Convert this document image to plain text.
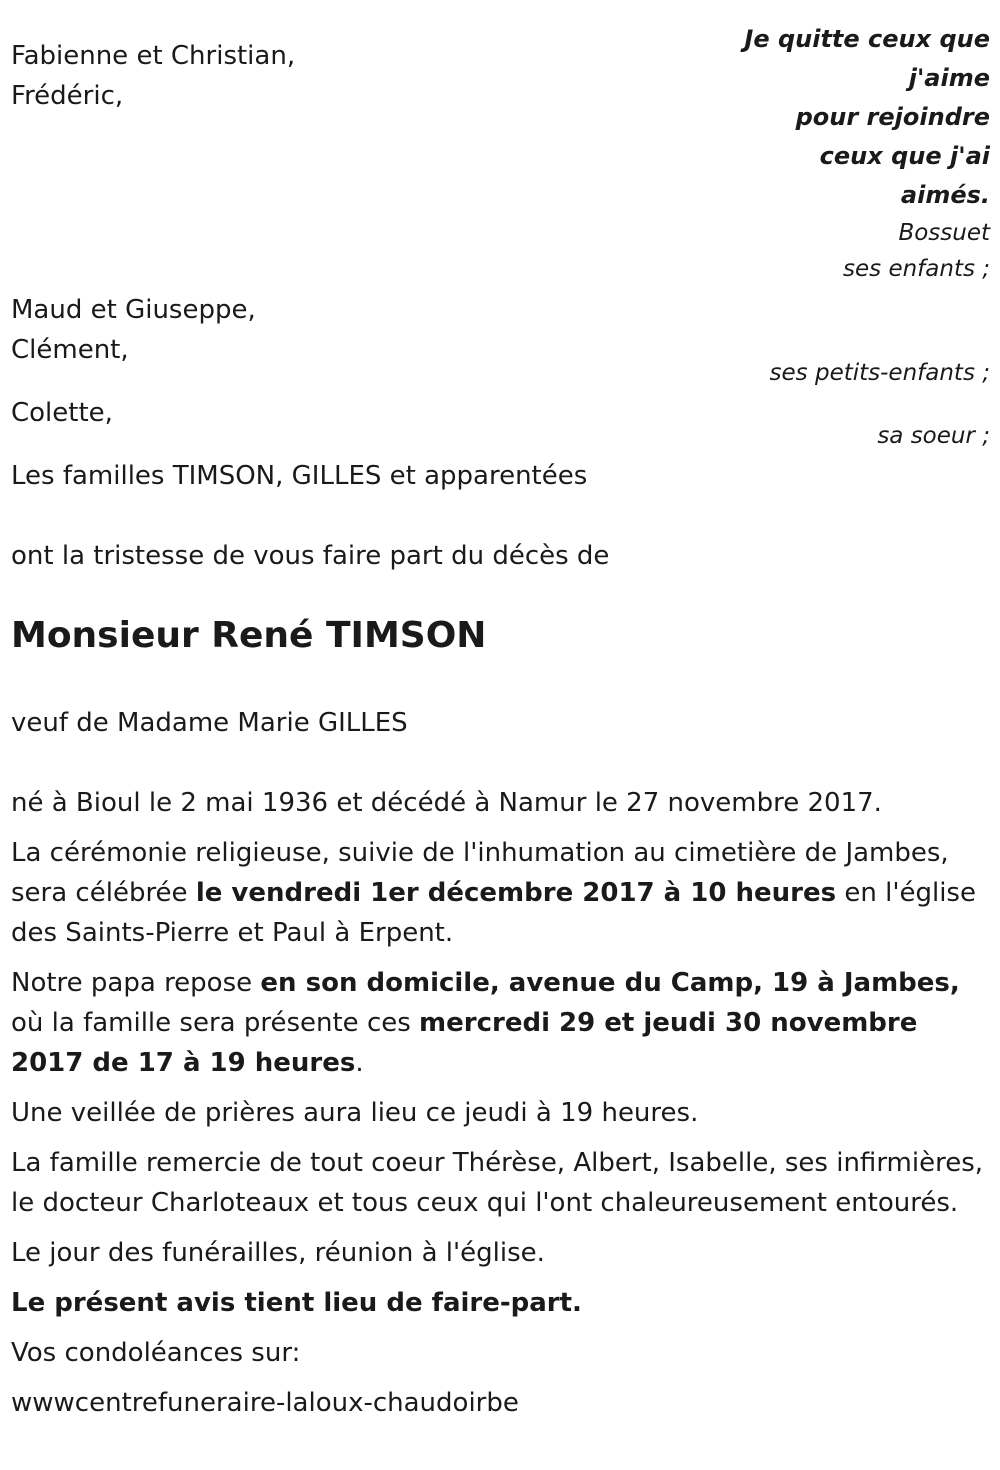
Je quitte ceux que
j'aime
pour rejoindre
ceux que j'ai
aimés.
Bossuet
Fabienne et Christian,
Frédéric,
ses enfants ;
Maud et Giuseppe,
Clément,
ses petits-enfants ;
Colette,
sa soeur ;
Les familles TIMSON, GILLES et apparentées
ont la tristesse de vous faire part du décès de
Monsieur René TIMSON
veuf de Madame Marie GILLES

né à Bioul le 2 mai 1936 et décédé à Namur le 27 novembre 2017.

La cérémonie religieuse, suivie de l'inhumation au cimetière de Jambes, sera célébrée le vendredi 1er décembre 2017 à 10 heures en l'église des Saints-Pierre et Paul à Erpent.

Notre papa repose en son domicile, avenue du Camp, 19 à Jambes, où la famille sera présente ces mercredi 29 et jeudi 30 novembre 2017 de 17 à 19 heures.

Une veillée de prières aura lieu ce jeudi à 19 heures.

La famille remercie de tout coeur Thérèse, Albert, Isabelle, ses infirmières, le docteur Charloteaux et tous ceux qui l'ont chaleureusement entourés.

Le jour des funérailles, réunion à l'église.

Le présent avis tient lieu de faire-part.

Vos condoléances sur:

wwwcentrefuneraire-laloux-chaudoirbe
